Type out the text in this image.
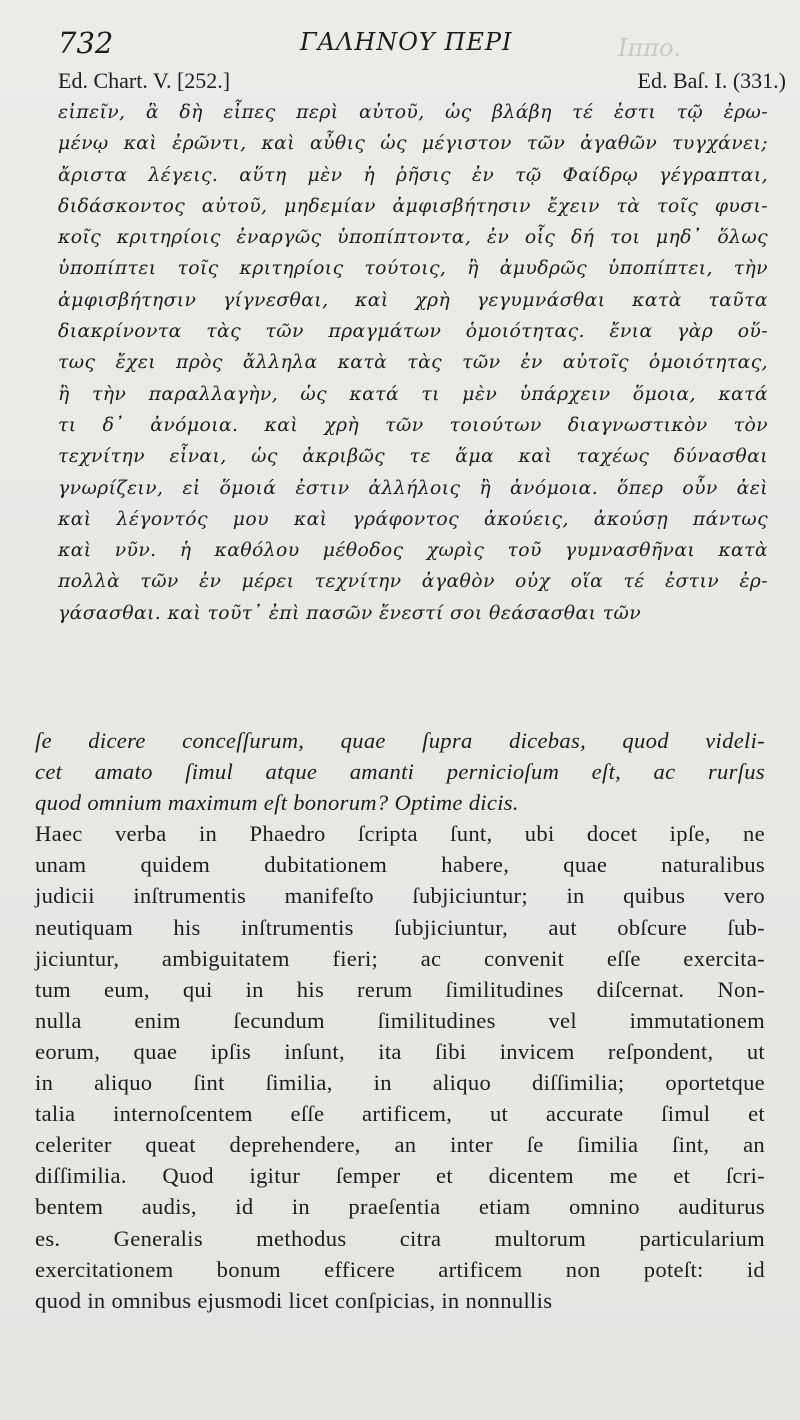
732	ΓΑΛΗΝΟΥ ΠΕΡΙ	Ιππο.
Ed. Chart. V. [252.]	Ed. Baſ. I. (331.)
εἰπεῖν, ἃ δὴ εἶπες περὶ αὐτοῦ, ὡς βλάβη τέ ἐστι τῷ ἐρω-
μένῳ καὶ ἐρῶντι, καὶ αὖθις ὡς μέγιστον τῶν ἀγαθῶν τυγχάνει;
ἄριστα λέγεις. αὕτη μὲν ἡ ῥῆσις ἐν τῷ Φαίδρῳ γέγραπται,
διδάσκοντος αὐτοῦ, μηδεμίαν ἀμφισβήτησιν ἔχειν τὰ τοῖς φυσι-
κοῖς κριτηρίοις ἐναργῶς ὑποπίπτοντα, ἐν οἷς δή τοι μηδ᾽ ὅλως
ὑποπίπτει τοῖς κριτηρίοις τούτοις, ἢ ἀμυδρῶς ὑποπίπτει, τὴν
ἀμφισβήτησιν γίγνεσθαι, καὶ χρὴ γεγυμνάσθαι κατὰ ταῦτα
διακρίνοντα τὰς τῶν πραγμάτων ὁμοιότητας. ἔνια γὰρ οὕ-
τως ἔχει πρὸς ἄλληλα κατὰ τὰς τῶν ἐν αὐτοῖς ὁμοιότητας,
ἢ τὴν παραλλαγὴν, ὡς κατά τι μὲν ὑπάρχειν ὅμοια, κατά
τι δ᾽ ἀνόμοια. καὶ χρὴ τῶν τοιούτων διαγνωστικὸν τὸν
τεχνίτην εἶναι, ὡς ἀκριβῶς τε ἅμα καὶ ταχέως δύνασθαι
γνωρίζειν, εἰ ὅμοιά ἐστιν ἀλλήλοις ἢ ἀνόμοια. ὅπερ οὖν ἀεὶ
καὶ λέγοντός μου καὶ γράφοντος ἀκούεις, ἀκούσῃ πάντως
καὶ νῦν. ἡ καθόλου μέθοδος χωρὶς τοῦ γυμνασθῆναι κατὰ
πολλὰ τῶν ἐν μέρει τεχνίτην ἀγαθὸν οὐχ οἵα τέ ἐστιν ἐρ-
γάσασθαι. καὶ τοῦτ᾽ ἐπὶ πασῶν ἔνεστί σοι θεάσασθαι τῶν
ſe dicere conceſſurum, quae ſupra dicebas, quod videli-
cet amato ſimul atque amanti pernicioſum eſt, ac rurſus
quod omnium maximum eſt bonorum? Optime dicis.
Haec verba in Phaedro ſcripta ſunt, ubi docet ipſe, ne
unam quidem dubitationem habere, quae naturalibus
judicii inſtrumentis manifeſto ſubjiciuntur; in quibus vero
neutiquam his inſtrumentis ſubjiciuntur, aut obſcure ſub-
jiciuntur, ambiguitatem fieri; ac convenit eſſe exercita-
tum eum, qui in his rerum ſimilitudines diſcernat. Non-
nulla enim ſecundum ſimilitudines vel immutationem
eorum, quae ipſis inſunt, ita ſibi invicem reſpondent, ut
in aliquo ſint ſimilia, in aliquo diſſimilia; oportetque
talia internoſcentem eſſe artificem, ut accurate ſimul et
celeriter queat deprehendere, an inter ſe ſimilia ſint, an
diſſimilia. Quod igitur ſemper et dicentem me et ſcri-
bentem audis, id in praeſentia etiam omnino auditurus
es. Generalis methodus citra multorum particularium
exercitationem bonum efficere artificem non poteſt: id
quod in omnibus ejusmodi licet conſpicias, in nonnullis
